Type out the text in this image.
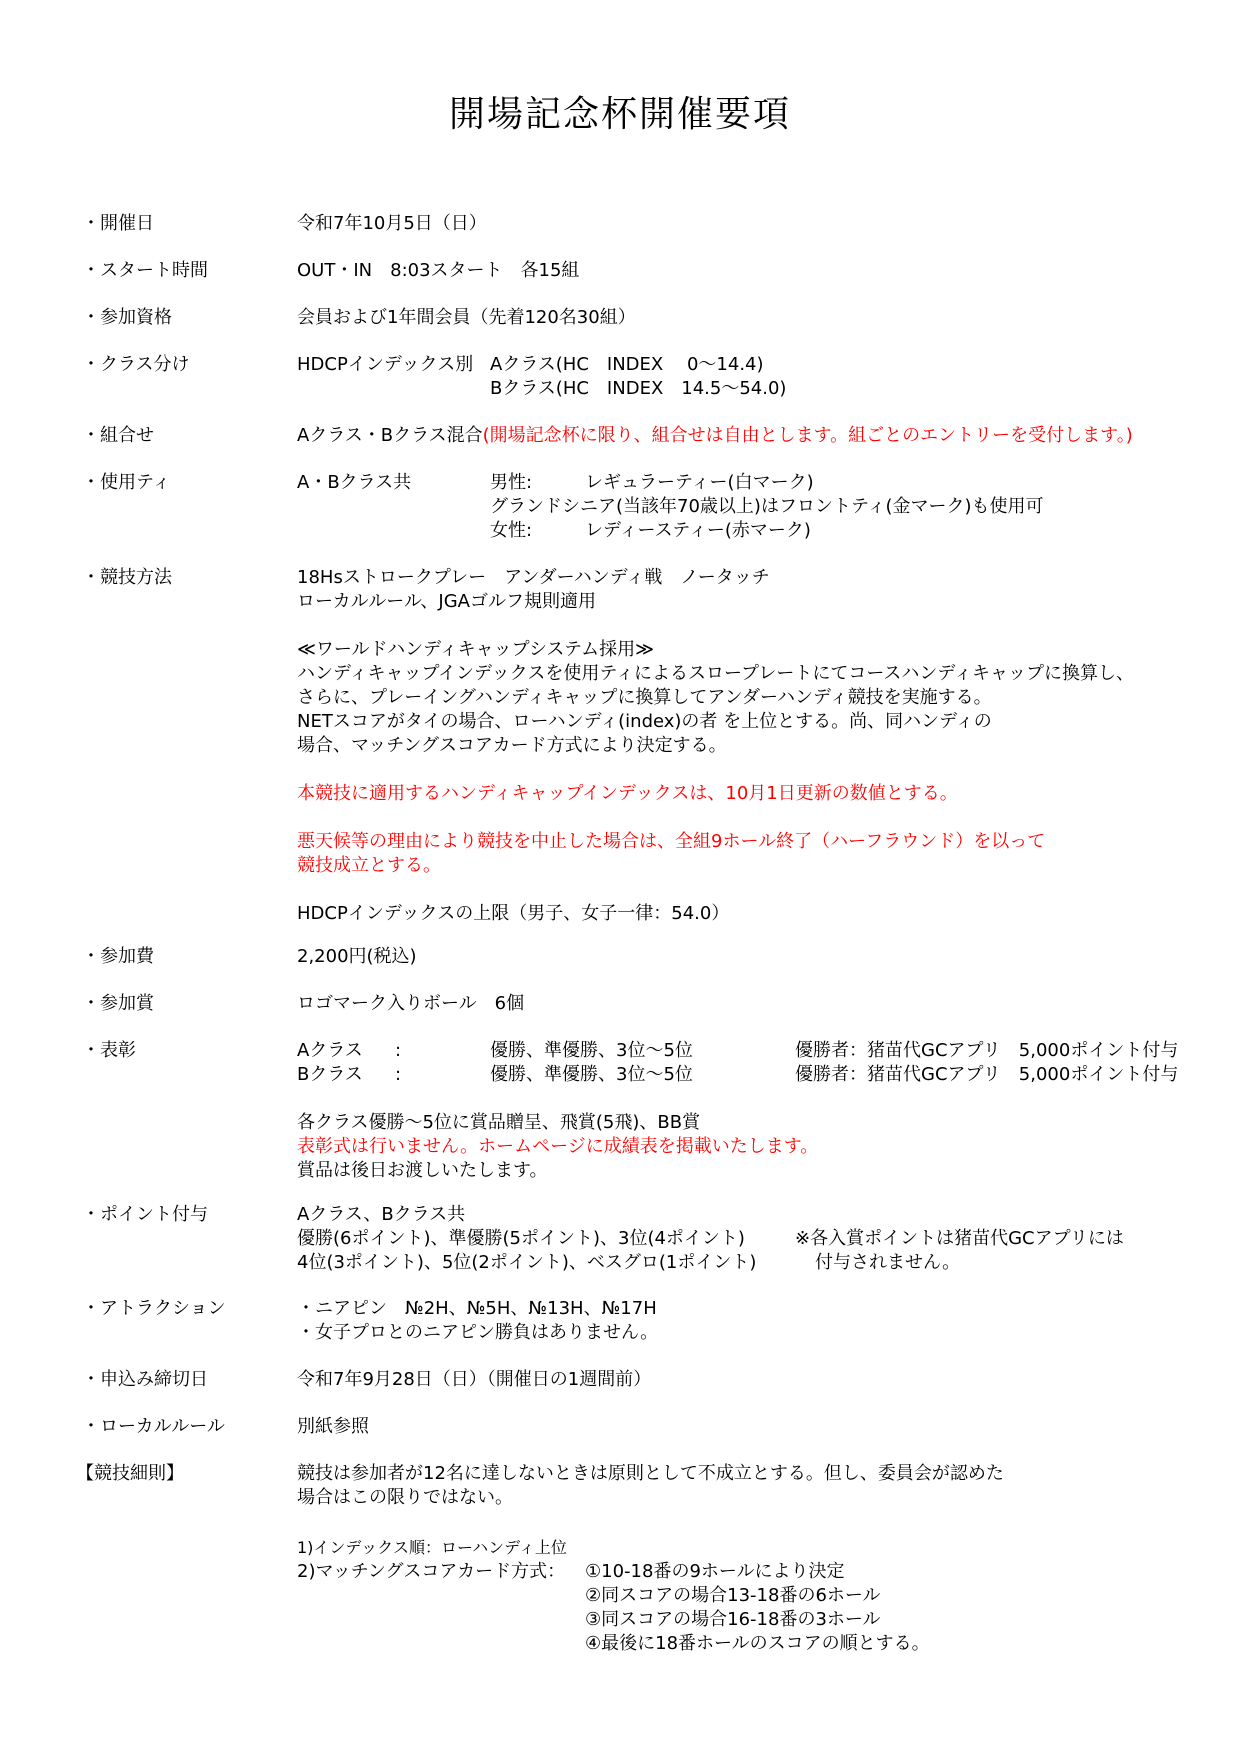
開場記念杯開催要項
・開催日	令和7年10月5日（日）
・スタート時間	OUT・IN　8:03スタート　各15組
・参加資格	会員および1年間会員（先着120名30組）
・クラス分け	HDCPインデックス別 Aクラス(HC　INDEX　 0～14.4)
Bクラス(HC　INDEX　14.5～54.0)
・組合せ	Aクラス・Bクラス混合(開場記念杯に限り、組合せは自由とします。組ごとのエントリーを受付します。)
・使用ティ	A・Bクラス共	男性:	レギュラーティー(白マーク)
グランドシニア(当該年70歳以上)はフロントティ(金マーク)も使用可
女性:	レディースティー(赤マーク)
・競技方法	18Hsストロークプレー　アンダーハンディ戦　ノータッチ
ローカルルール、JGAゴルフ規則適用
≪ワールドハンディキャップシステム採用≫
ハンディキャップインデックスを使用ティによるスロープレートにてコースハンディキャップに換算し、
さらに、プレーイングハンディキャップに換算してアンダーハンディ競技を実施する。
NETスコアがタイの場合、ローハンディ(index)の者 を上位とする。尚、同ハンディの
場合、マッチングスコアカード方式により決定する。
本競技に適用するハンディキャップインデックスは、10月1日更新の数値とする。
悪天候等の理由により競技を中止した場合は、全組9ホール終了（ハーフラウンド）を以って
競技成立とする。
HDCPインデックスの上限（男子、女子一律：54.0）
・参加費	2,200円(税込)
・参加賞	ロゴマーク入りボール　6個
・表彰	Aクラス :	優勝、準優勝、3位～5位	優勝者：猪苗代GCアプリ　5,000ポイント付与
Bクラス :	優勝、準優勝、3位～5位	優勝者：猪苗代GCアプリ　5,000ポイント付与
各クラス優勝～5位に賞品贈呈、飛賞(5飛)、BB賞
表彰式は行いません。ホームページに成績表を掲載いたします。
賞品は後日お渡しいたします。
・ポイント付与	Aクラス、Bクラス共
優勝(6ポイント)、準優勝(5ポイント)、3位(4ポイント)
4位(3ポイント)、5位(2ポイント)、ベスグロ(1ポイント)
※各入賞ポイントは猪苗代GCアプリには
付与されません。
・アトラクション	・ニアピン　№2H、№5H、№13H、№17H
・女子プロとのニアピン勝負はありません。
・申込み締切日	令和7年9月28日（日）（開催日の1週間前）
・ローカルルール	別紙参照
【競技細則】	競技は参加者が12名に達しないときは原則として不成立とする。但し、委員会が認めた
場合はこの限りではない。
1)インデックス順：ローハンディ上位
2)マッチングスコアカード方式： ①10-18番の9ホールにより決定
②同スコアの場合13-18番の6ホール
③同スコアの場合16-18番の3ホール
④最後に18番ホールのスコアの順とする。
